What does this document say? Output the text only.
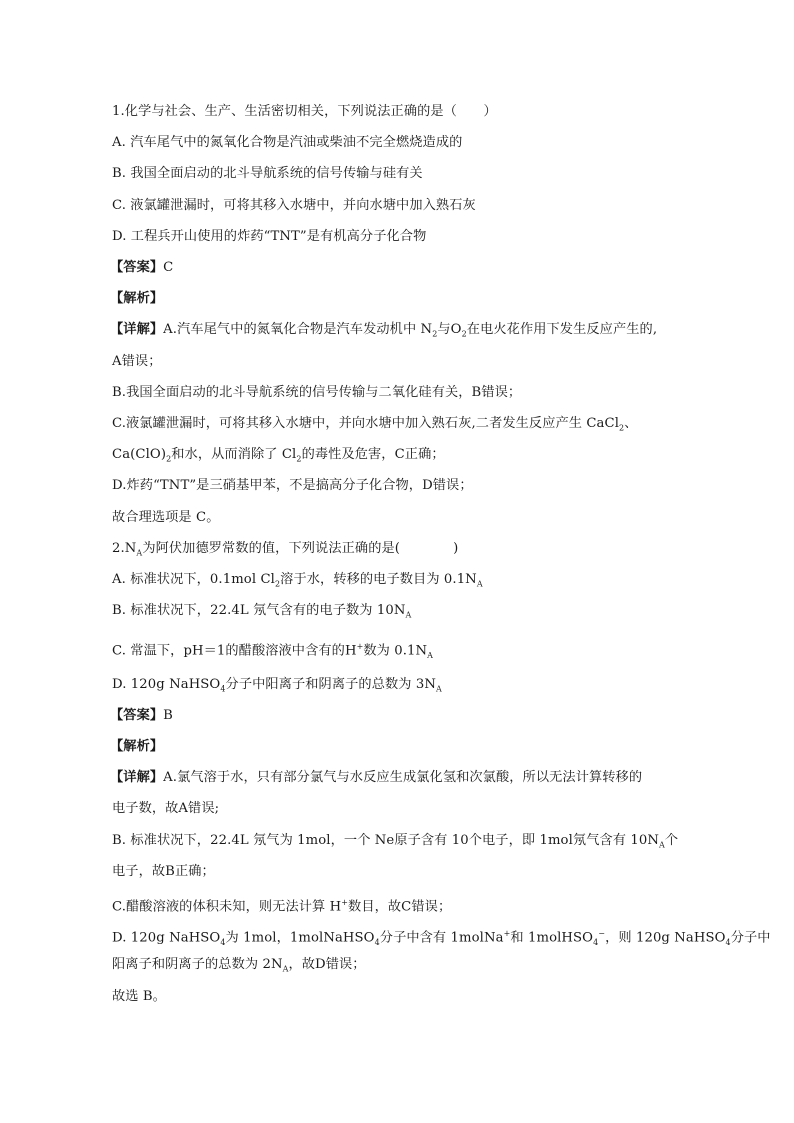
1.化学与社会、生产、生活密切相关，下列说法正确的是（　　）
A. 汽车尾气中的氮氧化合物是汽油或柴油不完全燃烧造成的
B. 我国全面启动的北斗导航系统的信号传输与硅有关
C. 液氯罐泄漏时，可将其移入水塘中，并向水塘中加入熟石灰
D. 工程兵开山使用的炸药“TNT”是有机高分子化合物
【答案】C
【解析】
【详解】A.汽车尾气中的氮氧化合物是汽车发动机中 $N_2$与$O_2$在电火花作用下发生反应产生的,
A错误；
B.我国全面启动的北斗导航系统的信号传输与二氧化硅有关，B错误；
C.液氯罐泄漏时，可将其移入水塘中，并向水塘中加入熟石灰,二者发生反应产生 CaCl$_2$、
$Ca(ClO)_2$和水，从而消除了 $Cl_2$的毒性及危害，C正确；
D.炸药“TNT”是三硝基甲苯，不是搞高分子化合物，D错误；
故合理选项是 C。
$2.N_A$为阿伏加德罗常数的值，下列说法正确的是(　　　　)
A. 标准状况下，0.1mol $Cl_2$溶于水，转移的电子数目为 $0.1N_A$
B. 标准状况下，22.4L 氖气含有的电子数为 $10N_A$
C. 常温下，pH＝1的醋酸溶液中含有的H+数为 $0.1N_A$
D. 120g NaHSO$_4$分子中阳离子和阴离子的总数为 $3N_A$
【答案】B
【解析】
【详解】A.氯气溶于水，只有部分氯气与水反应生成氯化氢和次氯酸，所以无法计算转移的
电子数，故A错误;
B. 标准状况下，22.4L 氖气为 1mol，一个 Ne原子含有 10个电子，即 1mol氖气含有 $10N_A$个
电子，故B正确；
C.醋酸溶液的体积未知，则无法计算 H+数目，故C错误；
D. 120g NaHSO$_4$为 1mol，1molNaHSO$_4$分子中含有 1molNa+和 1molHSO$_4$−，则 120g NaHSO$_4$分子中
阳离子和阴离子的总数为 $2N_A$，故D错误；
故选 B。
